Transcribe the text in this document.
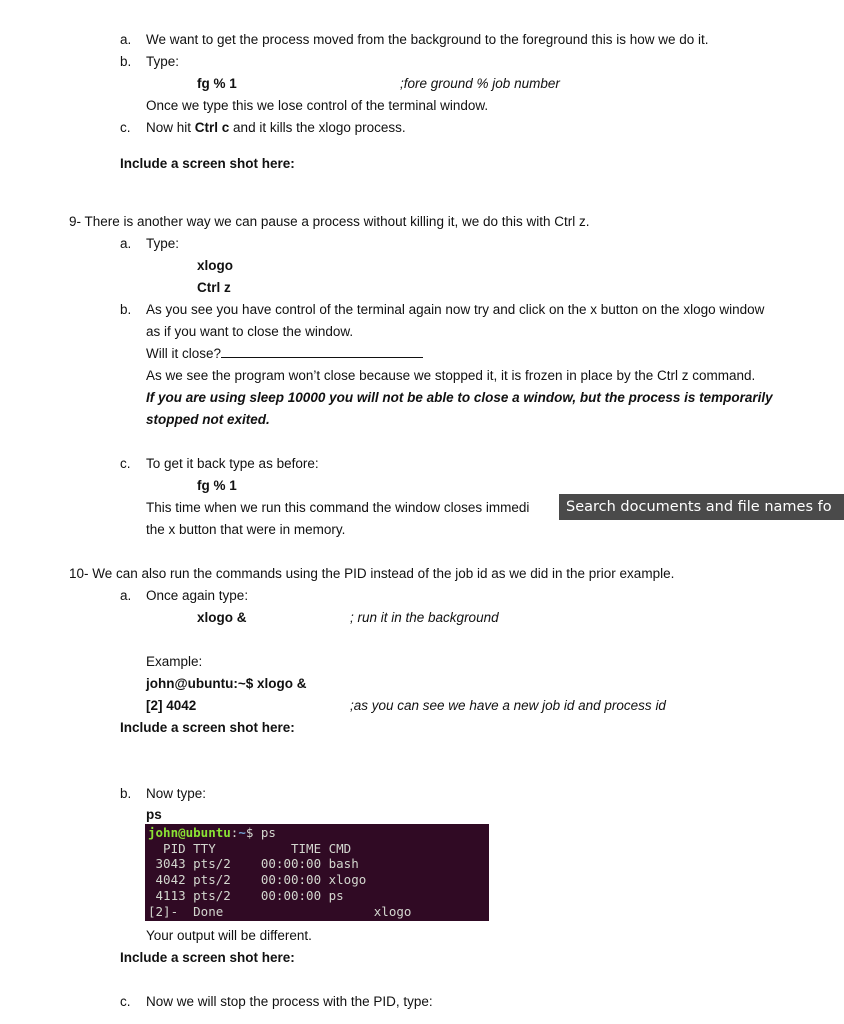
a. We want to get the process moved from the background to the foreground this is how we do it.
b. Type:
fg % 1	;fore ground % job number
Once we type this we lose control of the terminal window.
c. Now hit Ctrl c and it kills the xlogo process.
Include a screen shot here:
9- There is another way we can pause a process without killing it, we do this with Ctrl z.
a. Type:
xlogo
Ctrl z
b. As you see you have control of the terminal again now try and click on the x button on the xlogo window
as if you want to close the window.
Will it close?
As we see the program won’t close because we stopped it, it is frozen in place by the Ctrl z command.
If you are using sleep 10000 you will not be able to close a window, but the process is temporarily
stopped not exited.
c. To get it back type as before:
fg % 1
This time when we run this command the window closes immedi
the x button that were in memory.
Search documents and file names fo
10- We can also run the commands using the PID instead of the job id as we did in the prior example.
a. Once again type:
xlogo &	; run it in the background
Example:
john@ubuntu:~$ xlogo &
[2] 4042	;as you can see we have a new job id and process id
Include a screen shot here:
b. Now type:
ps
john@ubuntu:~$ ps
PID TTY          TIME CMD
3043 pts/2    00:00:00 bash
4042 pts/2    00:00:00 xlogo
4113 pts/2    00:00:00 ps
[2]-  Done                    xlogo
Your output will be different.
Include a screen shot here:
c. Now we will stop the process with the PID, type:
